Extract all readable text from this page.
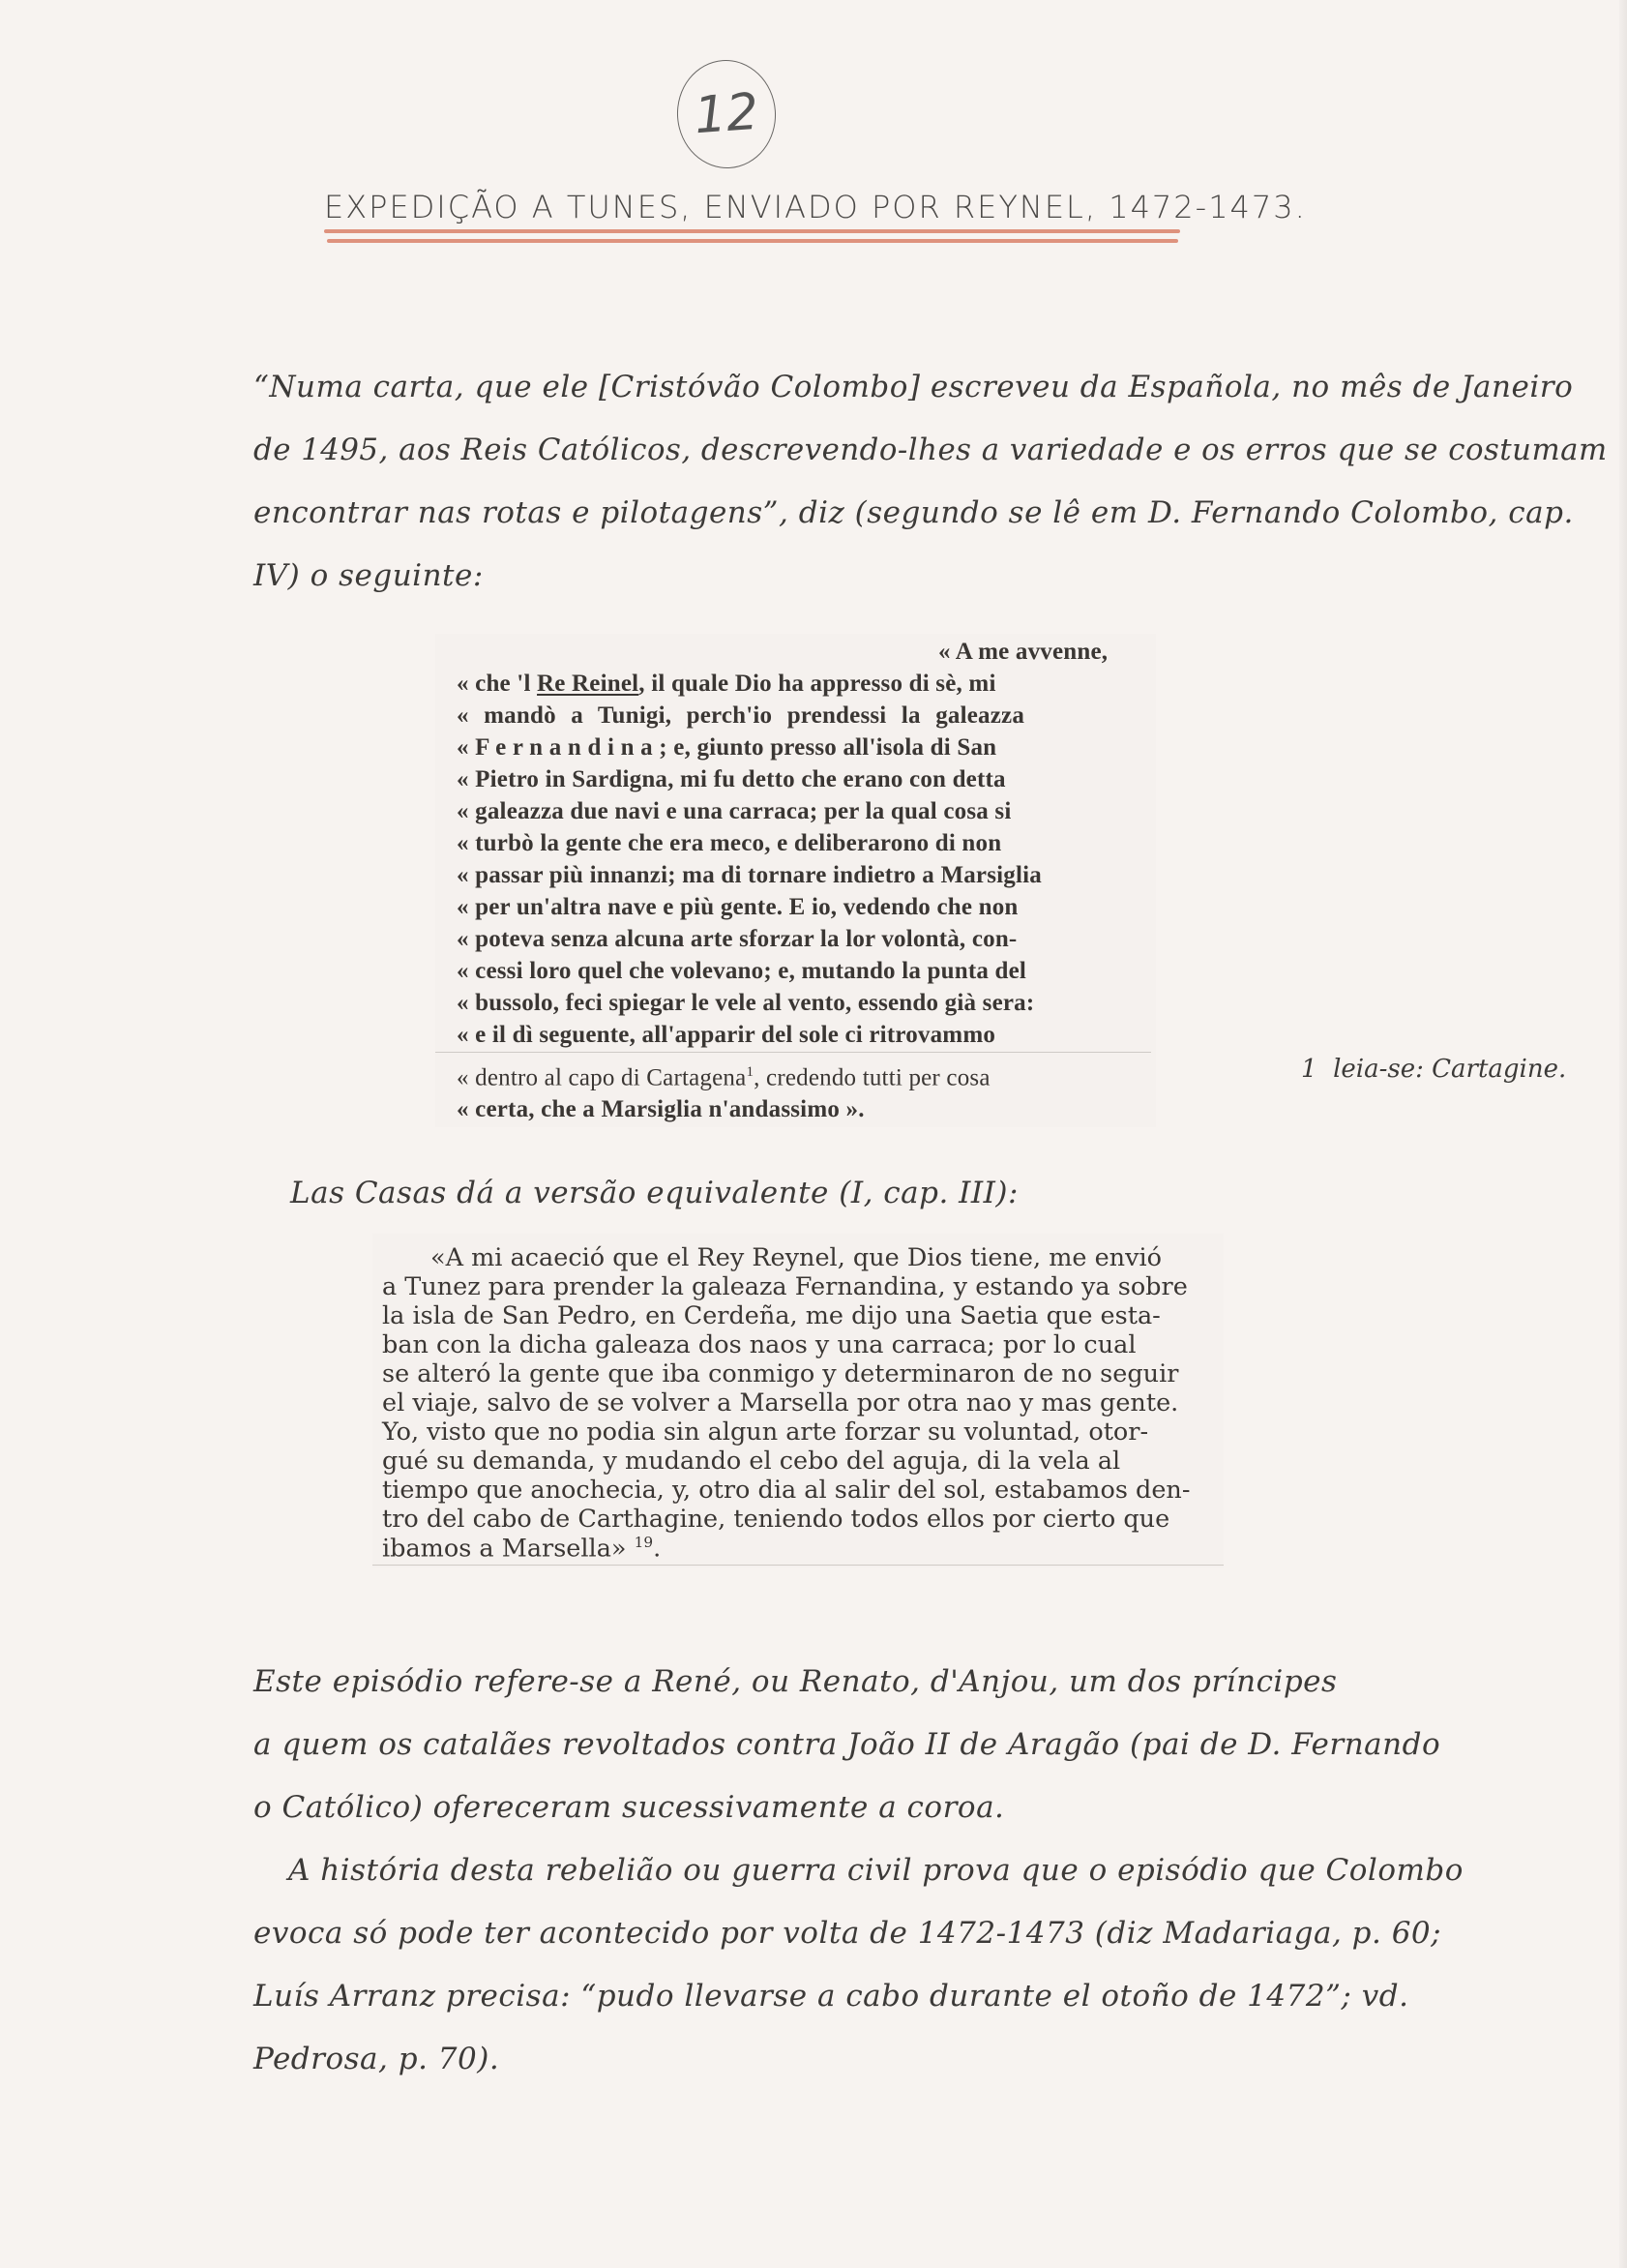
12
EXPEDIÇÃO A TUNES, ENVIADO POR REYNEL, 1472-1473.
“Numa carta, que ele [Cristóvão Colombo] escreveu da Española, no mês de Janeiro
de 1495, aos Reis Católicos, descrevendo-lhes a variedade e os erros que se costumam
encontrar nas rotas e pilotagens”, diz (segundo se lê em D. Fernando Colombo, cap.
IV) o seguinte:
« A me avvenne,
« che 'l Re Reinel, il quale Dio ha appresso di sè, mi
« mandò a Tunigi, perch'io prendessi la galeazza
« F e r n a n d i n a ; e, giunto presso all'isola di San
« Pietro in Sardigna, mi fu detto che erano con detta
« galeazza due navi e una carraca; per la qual cosa si
« turbò la gente che era meco, e deliberarono di non
« passar più innanzi; ma di tornare indietro a Marsiglia
« per un'altra nave e più gente. E io, vedendo che non
« poteva senza alcuna arte sforzar la lor volontà, con-
« cessi loro quel che volevano; e, mutando la punta del
« bussolo, feci spiegar le vele al vento, essendo già sera:
« e il dì seguente, all'apparir del sole ci ritrovammo
« dentro al capo di Cartagena$^1$, credendo tutti per cosa
« certa, che a Marsiglia n'andassimo ».
1 leia-se: Cartagine.
Las Casas dá a versão equivalente (I, cap. III):
«A mi acaeció que el Rey Reynel, que Dios tiene, me envió
a Tunez para prender la galeaza Fernandina, y estando ya sobre
la isla de San Pedro, en Cerdeña, me dijo una Saetia que esta-
ban con la dicha galeaza dos naos y una carraca; por lo cual
se alteró la gente que iba conmigo y determinaron de no seguir
el viaje, salvo de se volver a Marsella por otra nao y mas gente.
Yo, visto que no podia sin algun arte forzar su voluntad, otor-
gué su demanda, y mudando el cebo del aguja, di la vela al
tiempo que anochecia, y, otro dia al salir del sol, estabamos den-
tro del cabo de Carthagine, teniendo todos ellos por cierto que
ibamos a Marsella» $^{19}$.
Este episódio refere-se a René, ou Renato, d'Anjou, um dos príncipes
a quem os catalães revoltados contra João II de Aragão (pai de D. Fernando
o Católico) ofereceram sucessivamente a coroa.
A história desta rebelião ou guerra civil prova que o episódio que Colombo
evoca só pode ter acontecido por volta de 1472-1473 (diz Madariaga, p. 60;
Luís Arranz precisa: “pudo llevarse a cabo durante el otoño de 1472”; vd.
Pedrosa, p. 70).
